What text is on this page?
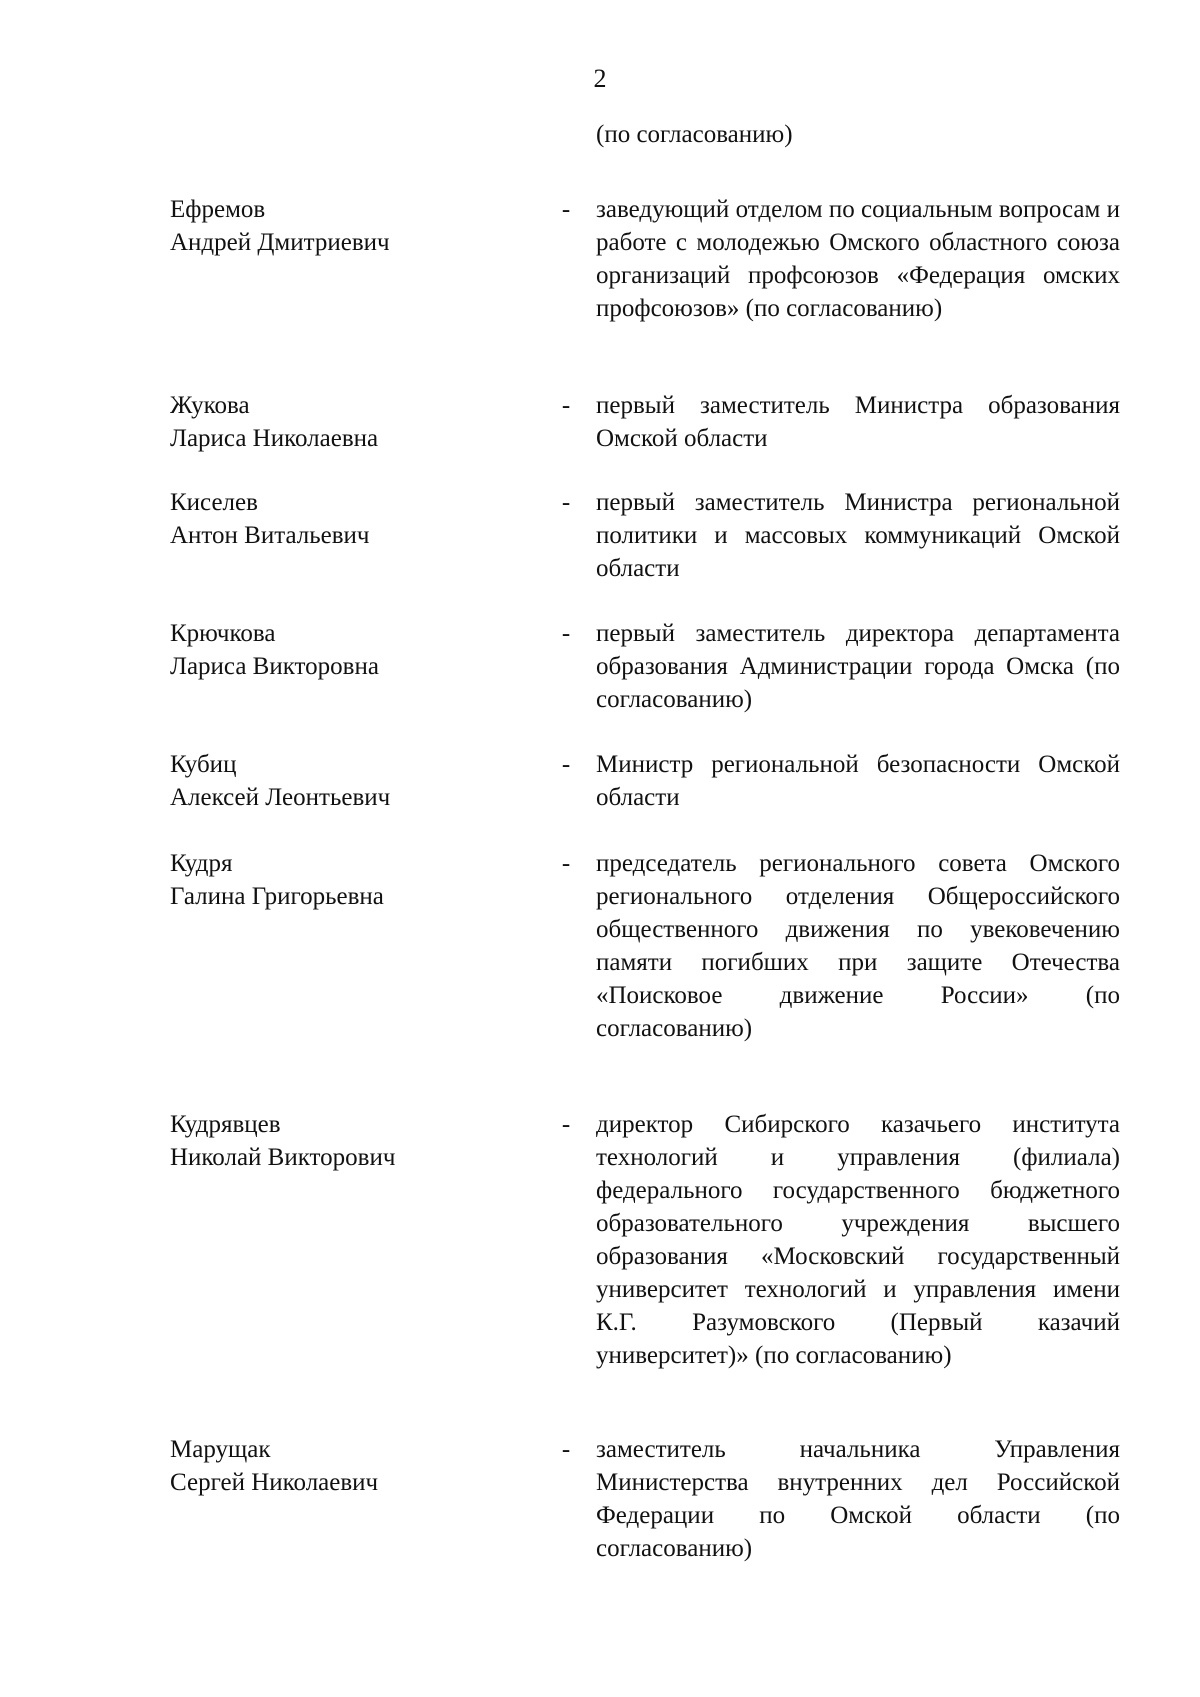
2
(по согласованию)
Ефремов
Андрей Дмитриевич
- заведующий отделом по социальным вопросам и работе с молодежью Омского областного союза организаций профсоюзов «Федерация омских профсоюзов» (по согласованию)
Жукова
Лариса Николаевна
- первый заместитель Министра образования Омской области
Киселев
Антон Витальевич
- первый заместитель Министра региональной политики и массовых коммуникаций Омской области
Крючкова
Лариса Викторовна
- первый заместитель директора департамента образования Администрации города Омска (по согласованию)
Кубиц
Алексей Леонтьевич
- Министр региональной безопасности Омской области
Кудря
Галина Григорьевна
- председатель регионального совета Омского регионального отделения Общероссийского общественного движения по увековечению памяти погибших при защите Отечества «Поисковое движение России» (по согласованию)
Кудрявцев
Николай Викторович
- директор Сибирского казачьего института технологий и управления (филиала) федерального государственного бюджетного образовательного учреждения высшего образования «Московский государственный университет технологий и управления имени К.Г. Разумовского (Первый казачий университет)» (по согласованию)
Марущак
Сергей Николаевич
- заместитель начальника Управления Министерства внутренних дел Российской Федерации по Омской области (по согласованию)
